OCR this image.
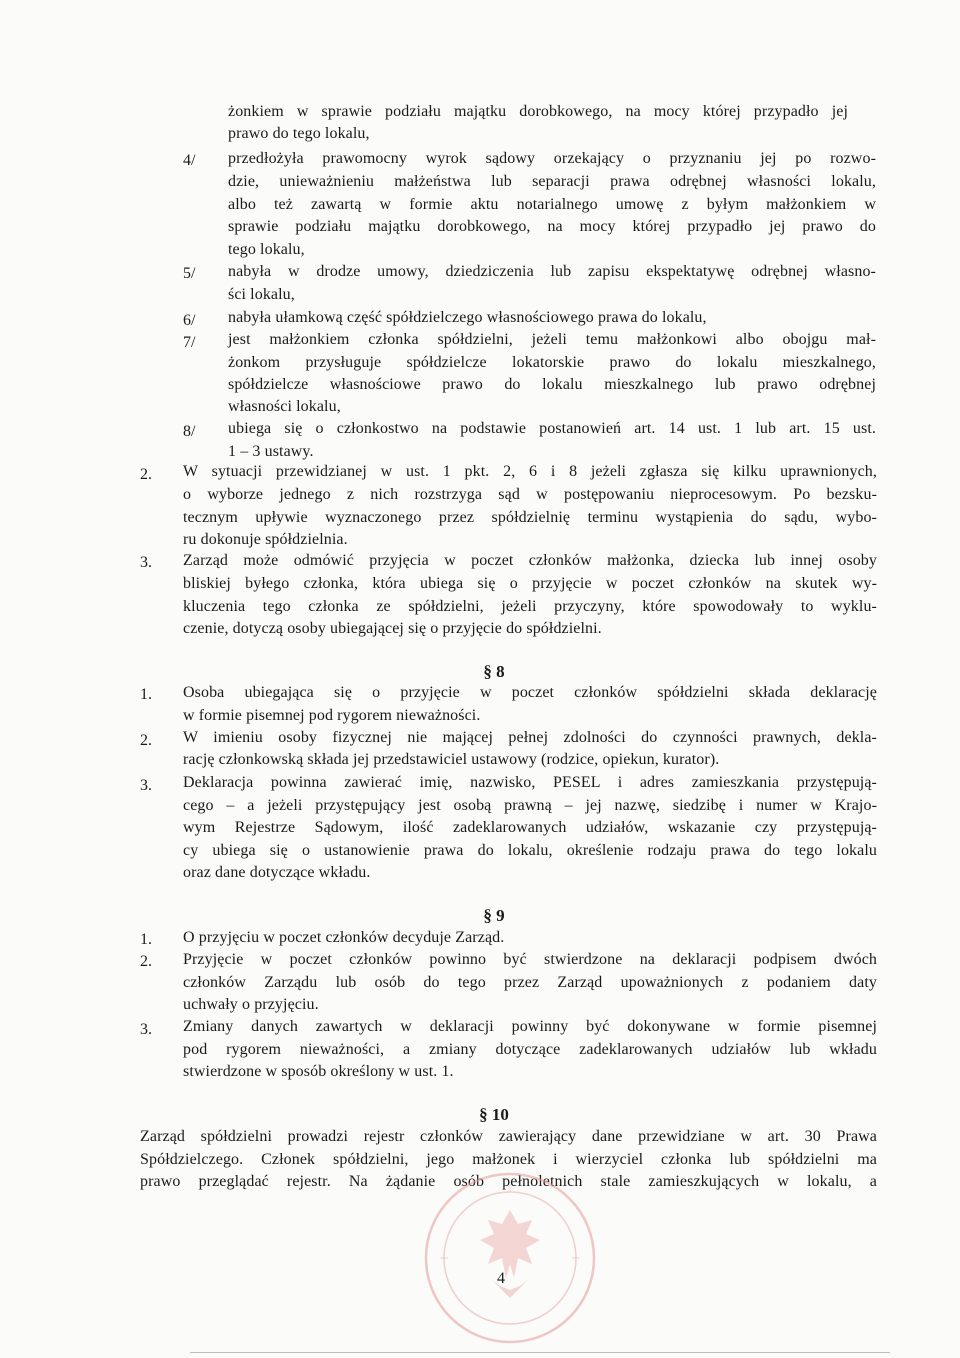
żonkiem w sprawie podziału majątku dorobkowego, na mocy której przypadło jej
prawo do tego lokalu,
4/ przedłożyła prawomocny wyrok sądowy orzekający o przyznaniu jej po rozwo-
dzie, unieważnieniu małżeństwa lub separacji prawa odrębnej własności lokalu,
albo też zawartą w formie aktu notarialnego umowę z byłym małżonkiem w
sprawie podziału majątku dorobkowego, na mocy której przypadło jej prawo do
tego lokalu,
5/ nabyła w drodze umowy, dziedziczenia lub zapisu ekspektatywę odrębnej własno-
ści lokalu,
6/ nabyła ułamkową część spółdzielczego własnościowego prawa do lokalu,
7/ jest małżonkiem członka spółdzielni, jeżeli temu małżonkowi albo obojgu mał-
żonkom przysługuje spółdzielcze lokatorskie prawo do lokalu mieszkalnego,
spółdzielcze własnościowe prawo do lokalu mieszkalnego lub prawo odrębnej
własności lokalu,
8/ ubiega się o członkostwo na podstawie postanowień art. 14 ust. 1 lub art. 15 ust.
1 – 3 ustawy.
2. W sytuacji przewidzianej w ust. 1 pkt. 2, 6 i 8 jeżeli zgłasza się kilku uprawnionych,
o wyborze jednego z nich rozstrzyga sąd w postępowaniu nieprocesowym. Po bezsku-
tecznym upływie wyznaczonego przez spółdzielnię terminu wystąpienia do sądu, wybo-
ru dokonuje spółdzielnia.
3. Zarząd może odmówić przyjęcia w poczet członków małżonka, dziecka lub innej osoby
bliskiej byłego członka, która ubiega się o przyjęcie w poczet członków na skutek wy-
kluczenia tego członka ze spółdzielni, jeżeli przyczyny, które spowodowały to wyklu-
czenie, dotyczą osoby ubiegającej się o przyjęcie do spółdzielni.
§ 8
1. Osoba ubiegająca się o przyjęcie w poczet członków spółdzielni składa deklarację
w formie pisemnej pod rygorem nieważności.
2. W imieniu osoby fizycznej nie mającej pełnej zdolności do czynności prawnych, dekla-
rację członkowską składa jej przedstawiciel ustawowy (rodzice, opiekun, kurator).
3. Deklaracja powinna zawierać imię, nazwisko, PESEL i adres zamieszkania przystępują-
cego – a jeżeli przystępujący jest osobą prawną – jej nazwę, siedzibę i numer w Krajo-
wym Rejestrze Sądowym, ilość zadeklarowanych udziałów, wskazanie czy przystępują-
cy ubiega się o ustanowienie prawa do lokalu, określenie rodzaju prawa do tego lokalu
oraz dane dotyczące wkładu.
§ 9
1. O przyjęciu w poczet członków decyduje Zarząd.
2. Przyjęcie w poczet członków powinno być stwierdzone na deklaracji podpisem dwóch
członków Zarządu lub osób do tego przez Zarząd upoważnionych z podaniem daty
uchwały o przyjęciu.
3. Zmiany danych zawartych w deklaracji powinny być dokonywane w formie pisemnej
pod rygorem nieważności, a zmiany dotyczące zadeklarowanych udziałów lub wkładu
stwierdzone w sposób określony w ust. 1.
§ 10
Zarząd spółdzielni prowadzi rejestr członków zawierający dane przewidziane w art. 30 Prawa
Spółdzielczego. Członek spółdzielni, jego małżonek i wierzyciel członka lub spółdzielni ma
prawo przeglądać rejestr. Na żądanie osób pełnoletnich stale zamieszkujących w lokalu, a
4
